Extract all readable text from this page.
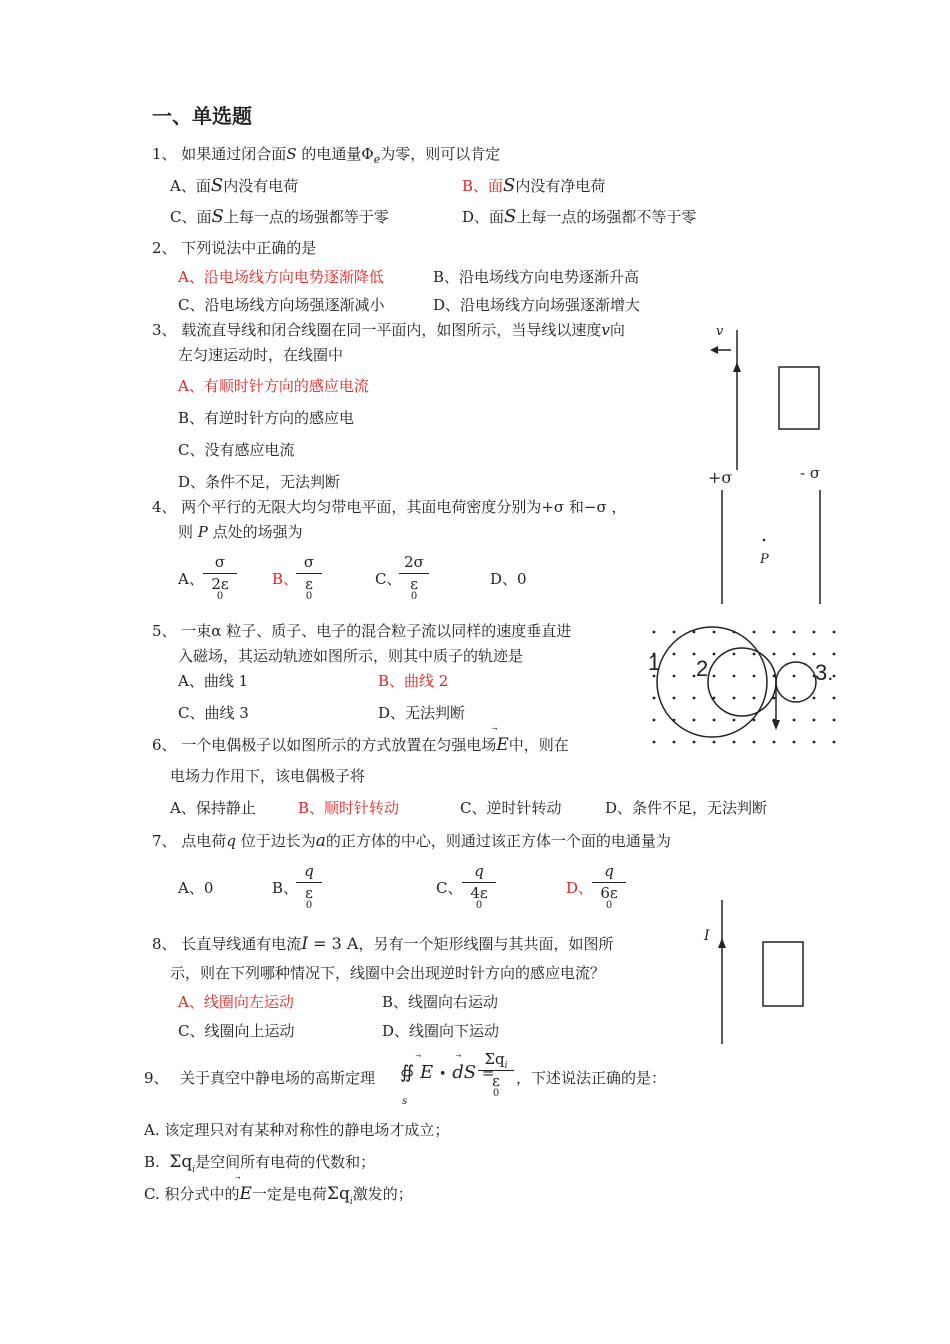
一、单选题
1、 如果通过闭合面S 的电通量$\Phi_e$为零，则可以肯定
A、面S内没有电荷	B、面S内没有净电荷
C、面S上每一点的场强都等于零	D、面S上每一点的场强都不等于零
2、 下列说法中正确的是
A、沿电场线方向电势逐渐降低	B、沿电场线方向电势逐渐升高
C、沿电场线方向场强逐渐减小	D、沿电场线方向场强逐渐增大
3、 载流直导线和闭合线圈在同一平面内，如图所示，当导线以速度v向
左匀速运动时，在线圈中
A、有顺时针方向的感应电流
B、有逆时针方向的感应电
C、没有感应电流
D、条件不足，无法判断
v
4、 两个平行的无限大均匀带电平面，其面电荷密度分别为+σ 和−σ ，
则 P 点处的场强为
A、
σ
2ε
0
B、
σ
ε
0
C、
2σ
ε
0
D、0
+σ	- σ
P
5、 一束α 粒子、质子、电子的混合粒子流以同样的速度垂直进
入磁场，其运动轨迹如图所示，则其中质子的轨迹是
A、曲线 1	B、曲线 2
C、曲线 3	D、无法判断
1 2	3.
6、 一个电偶极子以如图所示的方式放置在匀强电场
E中，则在
电场力作用下，该电偶极子将
A、保持静止	B、顺时针转动	C、逆时针转动	D、条件不足，无法判断
7、 点电荷q 位于边长为a的正方体的中心，则通过该正方体一个面的电通量为
A、0	B、
q
ε
0
C、
q
4ε
0
D、
q
6ε
0
8、 长直导线通有电流I = 3 A，另有一个矩形线圈与其共面，如图所
示，则在下列哪种情况下，线圈中会出现逆时针方向的感应电流？
A、线圈向左运动	B、线圈向右运动
C、线圈向上运动	D、线圈向下运动
I
9、 关于真空中静电场的高斯定理 ∯ E • dS =
$\Sigma q_i$
ε
0
s
，下述说法正确的是：
A. 该定理只对有某种对称性的静电场才成立；
B. $\Sigma q_i$是空间所有电荷的代数和；
C. 积分式中的
E一定是电荷$\Sigma q_i$激发的；
